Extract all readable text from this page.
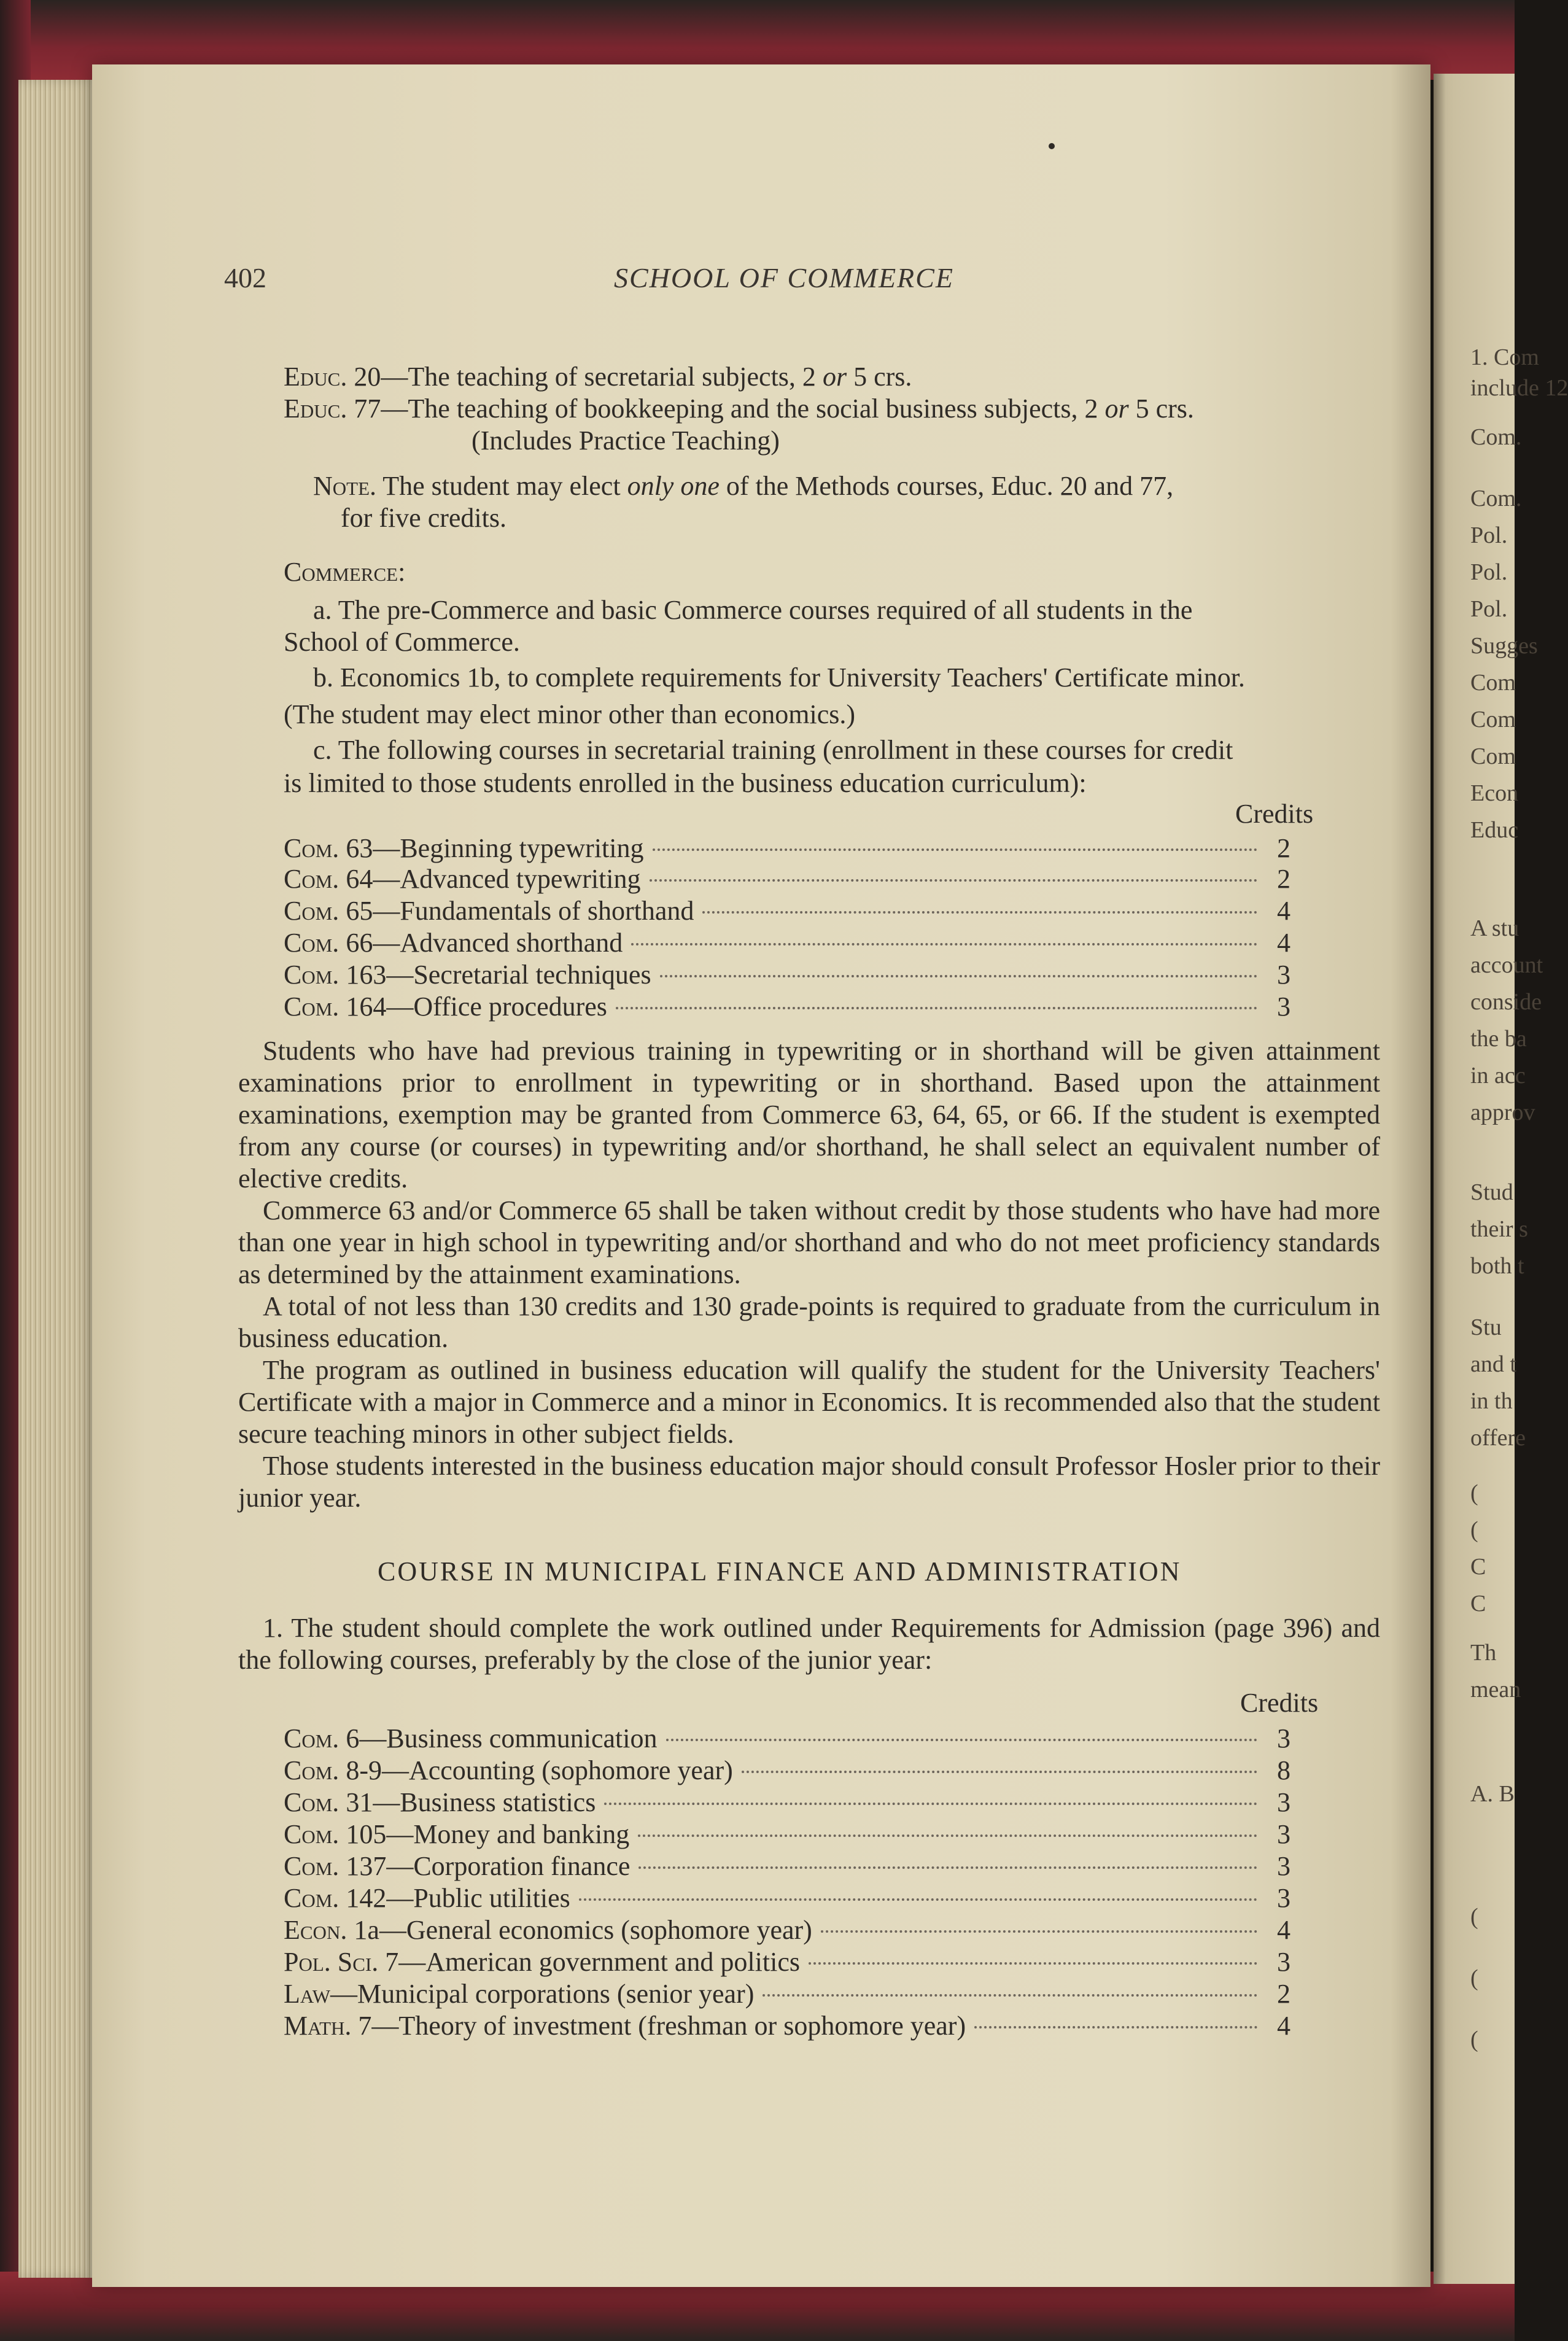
1. Com
include 12
Com.
Com.
Pol.
Pol.
Pol.
Sugges
Com
Com
Com
Econ
Educ
A stu
account
conside
the ba
in acc
approv
Stud
their s
both t
Stu
and t
in th
offere
(
(
C
C
Th
mean
A. B
(
(
(
402	SCHOOL OF COMMERCE
Educ. 20—The teaching of secretarial subjects, 2 or 5 crs.
Educ. 77—The teaching of bookkeeping and the social business subjects, 2 or 5 crs.
(Includes Practice Teaching)
Note. The student may elect only one of the Methods courses, Educ. 20 and 77,
for five credits.
Commerce:
a. The pre-Commerce and basic Commerce courses required of all students in the
School of Commerce.
b. Economics 1b, to complete requirements for University Teachers' Certificate minor.
(The student may elect minor other than economics.)
c. The following courses in secretarial training (enrollment in these courses for credit
is limited to those students enrolled in the business education curriculum):
Credits
Com. 63—Beginning typewriting	2
Com. 64—Advanced typewriting	2
Com. 65—Fundamentals of shorthand	4
Com. 66—Advanced shorthand	4
Com. 163—Secretarial techniques	3
Com. 164—Office procedures	3
Students who have had previous training in typewriting or in shorthand will be given attainment examinations prior to enrollment in typewriting or in shorthand. Based upon the attainment examinations, exemption may be granted from Commerce 63, 64, 65, or 66. If the student is exempted from any course (or courses) in typewriting and/or shorthand, he shall select an equivalent number of elective credits.
Commerce 63 and/or Commerce 65 shall be taken without credit by those students who have had more than one year in high school in typewriting and/or shorthand and who do not meet proficiency standards as determined by the attainment examinations.
A total of not less than 130 credits and 130 grade-points is required to graduate from the curriculum in business education.
The program as outlined in business education will qualify the student for the University Teachers' Certificate with a major in Commerce and a minor in Economics. It is recommended also that the student secure teaching minors in other subject fields.
Those students interested in the business education major should consult Professor Hosler prior to their junior year.
COURSE IN MUNICIPAL FINANCE AND ADMINISTRATION
1. The student should complete the work outlined under Requirements for Admission (page 396) and the following courses, preferably by the close of the junior year:
Credits
Com. 6—Business communication	3
Com. 8-9—Accounting (sophomore year)	8
Com. 31—Business statistics	3
Com. 105—Money and banking	3
Com. 137—Corporation finance	3
Com. 142—Public utilities	3
Econ. 1a—General economics (sophomore year)	4
Pol. Sci. 7—American government and politics	3
Law—Municipal corporations (senior year)	2
Math. 7—Theory of investment (freshman or sophomore year)	4
